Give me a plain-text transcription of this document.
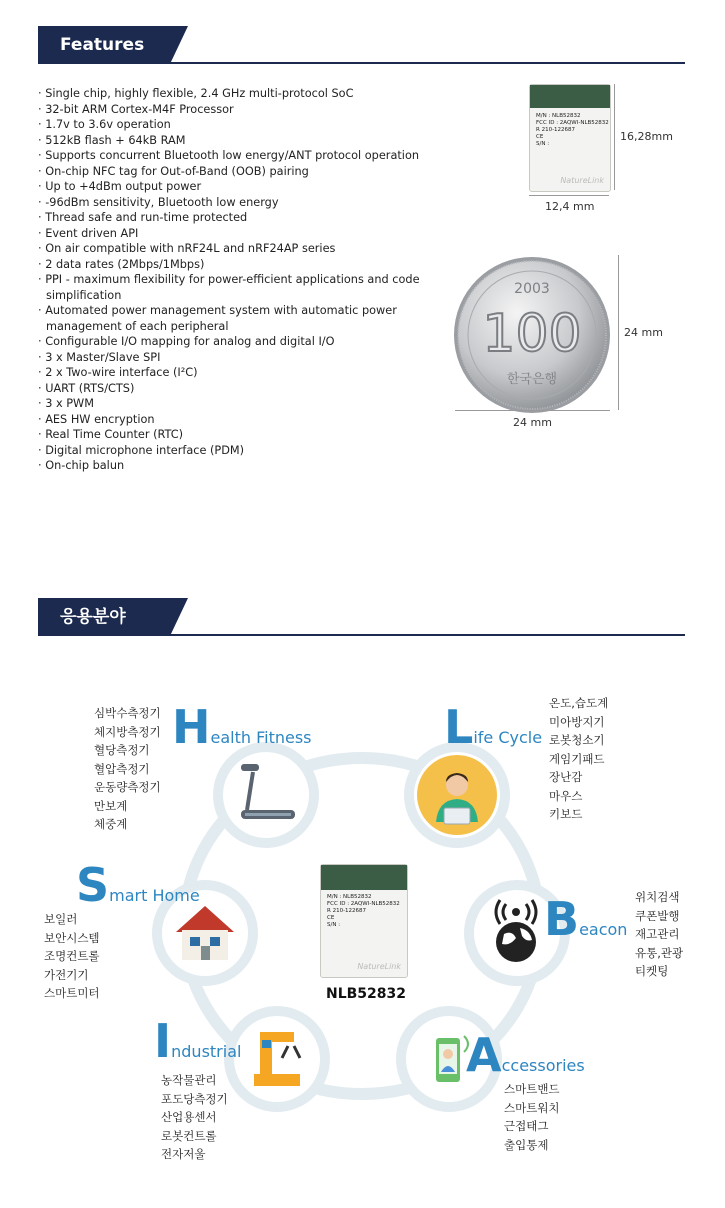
Features
· Single chip, highly flexible, 2.4 GHz multi-protocol SoC
· 32-bit ARM Cortex-M4F Processor
· 1.7v to 3.6v operation
· 512kB flash + 64kB RAM
· Supports concurrent Bluetooth low energy/ANT protocol operation
· On-chip NFC tag for Out-of-Band (OOB) pairing
· Up to +4dBm output power
· -96dBm sensitivity, Bluetooth low energy
· Thread safe and run-time protected
· Event driven API
· On air compatible with nRF24L and nRF24AP series
· 2 data rates (2Mbps/1Mbps)
· PPI - maximum flexibility for power-efficient applications and code simplification
· Automated power management system with automatic power management of each peripheral
· Configurable I/O mapping for analog and digital I/O
· 3 x Master/Slave SPI
· 2 x Two-wire interface (I²C)
· UART (RTS/CTS)
· 3 x PWM
· AES HW encryption
· Real Time Counter (RTC)
· Digital microphone interface (PDM)
· On-chip balun
M/N : NLB52832
FCC ID : 2AQWI-NLB52832
R 210-122687
CE
S/N :
NatureLink
16,28mm
12,4 mm
2003
100
한국은행
24 mm
24 mm
응용분야
M/N : NLB52832
FCC ID : 2AQWI-NLB52832
R 210-122687
CE
S/N :
NatureLink
NLB52832
Health Fitness
심박수측정기
체지방측정기
혈당측정기
혈압측정기
운동량측정기
만보계
체중계
Life Cycle
온도,습도계
미아방지기
로봇청소기
게임기패드
장난감
마우스
키보드
Smart Home
보일러
보안시스템
조명컨트롤
가전기기
스마트미터
Beacon
위치검색
쿠폰발행
재고관리
유통,관광
티켓팅
Industrial
농작물관리
포도당측정기
산업용센서
로봇컨트롤
전자저울
Accessories
스마트밴드
스마트워치
근접태그
출입통제
